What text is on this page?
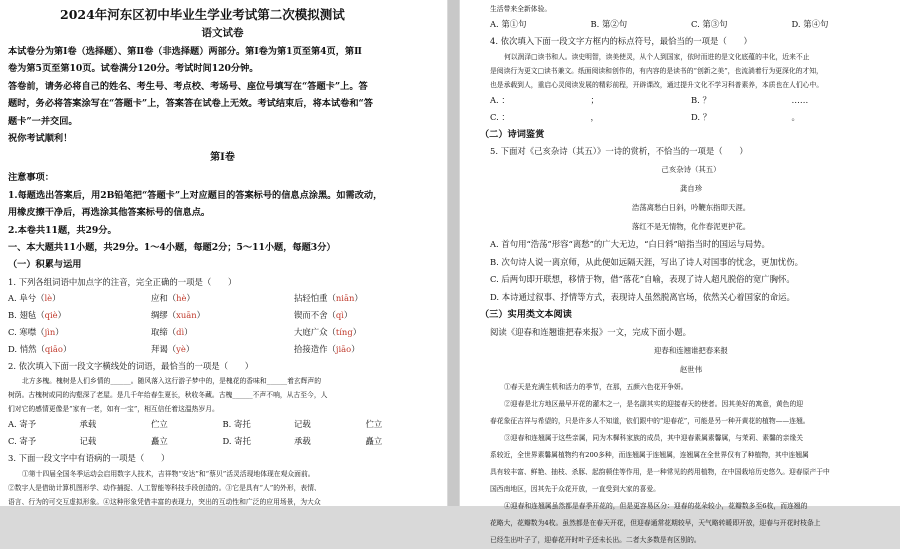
2024年河东区初中毕业生学业考试第二次模拟测试
语文试卷

本试卷分为第Ⅰ卷（选择题）、第Ⅱ卷（非选择题）两部分。第Ⅰ卷为第1页至第4页，第Ⅱ

卷为第5页至第10页。试卷满分120分。考试时间120分钟。

答卷前，请务必将自己的姓名、考生号、考点校、考场号、座位号填写在“答题卡”上。答

题时，务必将答案涂写在“答题卡”上，答案答在试卷上无效。考试结束后，将本试卷和“答

题卡”一并交回。

祝你考试顺利！

第Ⅰ卷

注意事项：

1.每题选出答案后，用2B铅笔把“答题卡”上对应题目的答案标号的信息点涂黑。如需改动，

用橡皮擦干净后，再选涂其他答案标号的信息点。

2.本卷共11题，共29分。

一、本大题共11小题，共29分。1～4小题，每题2分；5～11小题，每题3分）

（一）积累与运用

1. 下列各组词语中加点字的注音，完全正确的一项是（　　）

A. 阜兮（lè）	应和（hè）	拈轻怕重（niān）
B. 翅毡（qiè）	绸缪（xuān）	锲而不舍（qì）
C. 寒噤（jìn）	取缔（dì）	大庭广众（tíng）
D. 悄然（qiāo）	拜谒（yè）	拾接造作（jiāo）

2. 依次填入下面一段文字横线处的词语，最恰当的一项是（　　）

北方多槐。槐树是人们乡情的______。随风落入这行游子梦中的，是槐花的香味和______着玄辉声的

树荫。古槐树或同的沟壑深了老屋。是几千年给春生夏长，秋收冬藏。古槐______不声不响，从古至今，人

们对它的感情更像是“家有一老，如有一宝”，相互信任着这温热岁月。

A. 寄予	承载	伫立	B. 寄托	记载	伫立
C. 寄予	记载	矗立	D. 寄托	承载	矗立

3. 下面一段文字中有语病的一项是（　　）

①第十四届全国冬季运动会启用数字人技术，吉祥物“安达”和“蔡贝”活灵活现地体现在观众面前。

②数字人是借助计算机图形学、动作捕捉、人工智能等科技手段创造的。③它是具有“人”的外形，表情、

语言、行为的可交互虚拟形象。④这种形象凭借丰富的表现力，突出的互动性和广泛的应用场景，为大众

生活带来全新体验。

A. 第①句	B. 第②句	C. 第③句	D. 第④句

4. 依次填入下面一段文字方框内的标点符号，最恰当的一项是（　　）

何以润泽□读书和人。读史明智，读美使灵，从个人到国家，依时而进的是文化底蕴的丰化，近来不止

是阅读行为更文□读书兼文。纸面阅读和创作的，有内容的是读书的“创新之美”，也流淌着行为更深化的才知，

也是承载到人，重启心灵阅读发展的精彩前程，开辟课改，通过提升文化不学习科普素养，本质也在人们心中。

A. ：	；	B. ？	……
C. ：	，	D. ？	。

（二）诗词鉴赏

5. 下面对《己亥杂诗（其五）》一诗的赏析，不恰当的一项是（　　）

己亥杂诗（其五）
龚自珍
浩荡离愁白日斜，吟鞭东指即天涯。
落红不是无情物，化作春泥更护花。

A. 首句用“浩荡”形容“离愁”的广大无边，“白日斜”暗指当时的国运与局势。

B. 次句诗人说一离京师，从此便如远隔天涯，写出了诗人对国事的忧念，更加忧伤。

C. 后两句即开联想，移情于物，借“落花”自喻，表现了诗人超凡脱俗的宽广胸怀。

D. 本诗通过叙事、抒情等方式，表现诗人虽然脱离官场，依然关心着国家的命运。

（三）实用类文本阅读

阅读《迎春和连翘谁把春来报》一文，完成下面小题。

迎春和连翘谁把春来报
赵世伟

①春天是充满生机和活力的季节，在那，五颜六色花开争妍。

②迎春是北方地区最早开花的灌木之一，是名副其实的迎接春天的使者。因其美好的寓意，黄色的迎

春花象征吉祥与希望的，只是许多人不知道，依们跟中的“迎春花”，可能是另一种开黄花的植物——连翘。

③迎春和连翘属于这些亲属，同为木樨科家族的成员，其中迎春素属素馨属，与茉莉、素馨的亲缘关

系较近，全世界素馨属植物约有200多种，而连翘属于连翘属，连翘属在全世界仅有了种植物，其中连翘属

具有较丰富、鲜艳、抽枝、杀豚、起韵顿佳等作用，是一种常见的药用植物，在中国栽培历史悠久。迎春原产于中

国西南地区，因其先于众花开放，一直受到大家的喜爱。

④迎春和连翘属虽然都是春季开花的，但是更容易区分：迎春的花朵较小，花瓣数多至6枚，而连翘的

花略大，花瓣数为4枚。虽然都是在春天开花，但迎春通常花期较早，天气略转暖即开放，迎春与开花时枝条上

已经生出叶子了，迎春花开时叶子还未长出。二者大多数是有区别的。
